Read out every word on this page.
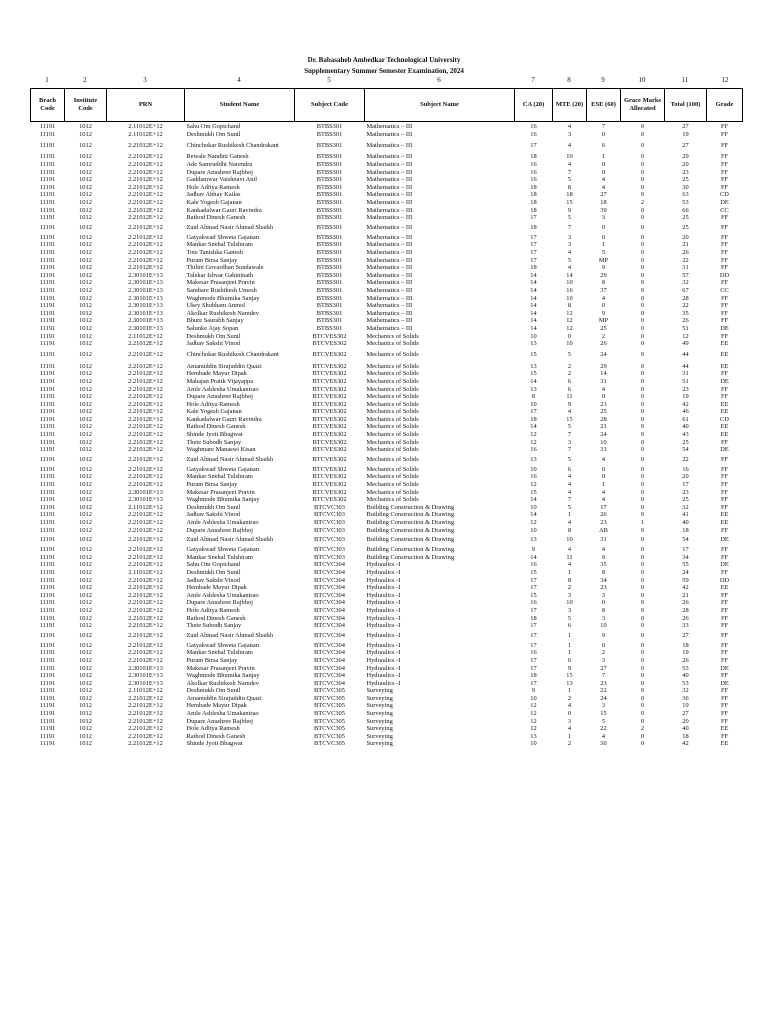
Dr. Babasaheb Ambedkar Technological University
Supplementary Summer Semester Examination, 2024
1	2	3	4	5	6	7	8	9	10	11	12
Brach Code	Institute Code	PRN	Student Name	Subject Code	Subject Name	CA (20)	MTE (20)	ESE (60)	Grace Marks Allocated	Total (100)	Grade
11191	1012	2.11012E+12	Sahu Om Gopichand	BTBS301	Mathematics – III	16	4	7	0	27	FF
11191	1012	2.11012E+12	Deshmukh Om Sunil	BTBS301	Mathematics – III	16	3	0	0	19	FF
11191	1012	2.21012E+12	Chinchokar Rushikesh Chandrakant	BTBS301	Mathematics – III	17	4	6	0	27	FF
11191	1012	2.21012E+12	Rewale Nandini Ganesh	BTBS301	Mathematics – III	18	10	1	0	29	FF
11191	1012	2.21012E+12	Ade Samruddhi Narendra	BTBS301	Mathematics – III	16	4	0	0	20	FF
11191	1012	2.21012E+12	Dupare Anushree Rajbhoj	BTBS301	Mathematics – III	16	7	0	0	23	FF
11191	1012	2.21012E+12	Gaddamwar Vaishnavi Anil	BTBS301	Mathematics – III	16	5	4	0	25	FF
11191	1012	2.21012E+12	Hole Aditya Ramesh	BTBS301	Mathematics – III	18	8	4	0	30	FF
11191	1012	2.21012E+12	Jadhav Abhay Kailas	BTBS301	Mathematics – III	18	18	27	0	63	CD
11191	1012	2.21012E+12	Kale Yogesh Gajanan	BTBS301	Mathematics – III	18	15	18	2	53	DE
11191	1012	2.21012E+12	Kankadalwar Gauri Ravindra	BTBS301	Mathematics – III	18	9	39	0	66	CC
11191	1012	2.21012E+12	Rathod Dinesh Ganesh	BTBS301	Mathematics – III	17	5	3	0	25	FF
11191	1012	2.21012E+12	Zaid Ahmad Nasir Ahmad Shaikh	BTBS301	Mathematics – III	18	7	0	0	25	FF
11191	1012	2.21012E+12	Gaiyakwad Shweta Gajanan	BTBS301	Mathematics – III	17	3	0	0	20	FF
11191	1012	2.21012E+12	Mankar Snehal Tulshiram	BTBS301	Mathematics – III	17	3	1	0	21	FF
11191	1012	2.21012E+12	Tote Tanishka Ganesh	BTBS301	Mathematics – III	17	4	5	0	26	FF
11191	1012	2.21012E+12	Puram Birsa Sanjay	BTBS301	Mathematics – III	17	5	MP	0	22	FF
11191	1012	2.21012E+12	Thilini Govardhan Sondawale	BTBS301	Mathematics – III	18	4	9	0	31	FF
11191	1012	2.30101E+13	Talekar Ishvar Gahininath	BTBS301	Mathematics – III	14	14	29	0	57	DD
11191	1012	2.30101E+13	Makesar Prasanjeet Pravin	BTBS301	Mathematics – III	14	10	8	0	32	FF
11191	1012	2.30101E+13	Sambare Rushikesh Umesh	BTBS301	Mathematics – III	14	16	37	0	67	CC
11191	1012	2.30101E+13	Waghmode Bhumika Sanjay	BTBS301	Mathematics – III	14	10	4	0	28	FF
11191	1012	2.30101E+13	Ukey Shubham Anmol	BTBS301	Mathematics – III	14	8	0	0	22	FF
11191	1012	2.30101E+13	Akolkar Rushikesh Namdev	BTBS301	Mathematics – III	14	12	9	0	35	FF
11191	1012	2.30101E+13	Bhure Saurabh Sanjay	BTBS301	Mathematics – III	14	12	MP	0	26	FF
11191	1012	2.30101E+13	Salunke Ajay Sopan	BTBS301	Mathematics – III	14	12	25	0	51	DE
11191	1012	2.11012E+12	Deshmukh Om Sunil	BTCVES302	Mechanics of Solids	10	0	2	0	12	FF
11191	1012	2.21012E+12	Jadhav Sakshi Vinod	BTCVES302	Mechanics of Solids	13	10	26	0	49	EE
11191	1012	2.21012E+12	Chinchokar Rushikesh Chandrakant	BTCVES302	Mechanics of Solids	15	5	24	0	44	EE
11191	1012	2.21012E+12	Amanuddin Sirajuddin Quazi	BTCVES302	Mechanics of Solids	13	2	29	0	44	EE
11191	1012	2.21012E+12	Hembade Mayur Dipak	BTCVES302	Mechanics of Solids	15	2	14	0	31	FF
11191	1012	2.21012E+12	Mahajan Pratik Vijayappa	BTCVES302	Mechanics of Solids	14	6	31	0	51	DE
11191	1012	2.21012E+12	Amle Ashlesha Umakantrao	BTCVES302	Mechanics of Solids	13	6	4	0	23	FF
11191	1012	2.21012E+12	Dupare Anushree Rajbhoj	BTCVES302	Mechanics of Solids	8	11	0	0	19	FF
11191	1012	2.21012E+12	Hole Aditya Ramesh	BTCVES302	Mechanics of Solids	10	9	23	0	42	EE
11191	1012	2.21012E+12	Kale Yogesh Gajanan	BTCVES302	Mechanics of Solids	17	4	25	0	46	EE
11191	1012	2.21012E+12	Kankadalwar Gauri Ravindra	BTCVES302	Mechanics of Solids	18	15	28	0	61	CD
11191	1012	2.21012E+12	Rathod Dinesh Ganesh	BTCVES302	Mechanics of Solids	14	5	21	0	40	EE
11191	1012	2.21012E+12	Shinde Jyoti Bhagwat	BTCVES302	Mechanics of Solids	12	7	24	0	43	EE
11191	1012	2.21012E+12	Thete Subodh Sanjay	BTCVES302	Mechanics of Solids	12	3	10	0	25	FF
11191	1012	2.21012E+12	Waghmare Manaswi Kisan	BTCVES302	Mechanics of Solids	16	7	31	0	54	DE
11191	1012	2.21012E+12	Zaid Ahmad Nasir Ahmad Shaikh	BTCVES302	Mechanics of Solids	13	5	4	0	22	FF
11191	1012	2.21012E+12	Gaiyakwad Shweta Gajanan	BTCVES302	Mechanics of Solids	10	6	0	0	16	FF
11191	1012	2.21012E+12	Mankar Snehal Tulshiram	BTCVES302	Mechanics of Solids	16	4	0	0	20	FF
11191	1012	2.21012E+12	Puram Birsa Sanjay	BTCVES302	Mechanics of Solids	12	4	1	0	17	FF
11191	1012	2.30101E+13	Makesar Prasanjeet Pravin	BTCVES302	Mechanics of Solids	15	4	4	0	23	FF
11191	1012	2.30101E+13	Waghmode Bhumika Sanjay	BTCVES302	Mechanics of Solids	14	7	4	0	25	FF
11191	1012	2.11012E+12	Deshmukh Om Sunil	BTCVC303	Building Construction & Drawing	10	5	17	0	32	FF
11191	1012	2.21012E+12	Jadhav Sakshi Vinod	BTCVC303	Building Construction & Drawing	14	1	26	0	41	EE
11191	1012	2.21012E+12	Amle Ashlesha Umakantrao	BTCVC303	Building Construction & Drawing	12	4	23	1	40	EE
11191	1012	2.21012E+12	Dupare Anushree Rajbhoj	BTCVC303	Building Construction & Drawing	10	8	AB	0	18	FF
11191	1012	2.21012E+12	Zaid Ahmad Nasir Ahmad Shaikh	BTCVC303	Building Construction & Drawing	13	10	31	0	54	DE
11191	1012	2.21012E+12	Gaiyakwad Shweta Gajanan	BTCVC303	Building Construction & Drawing	9	4	4	0	17	FF
11191	1012	2.21012E+12	Mankar Snehal Tulshiram	BTCVC303	Building Construction & Drawing	14	11	9	0	34	FF
11191	1012	2.21012E+12	Sahu Om Gopichand	BTCVC304	Hydraulics -I	16	4	35	0	55	DE
11191	1012	2.11012E+12	Deshmukh Om Sunil	BTCVC304	Hydraulics -I	15	1	8	0	24	FF
11191	1012	2.21012E+12	Jadhav Sakshi Vinod	BTCVC304	Hydraulics -I	17	8	34	0	59	DD
11191	1012	2.21012E+12	Hembade Mayur Dipak	BTCVC304	Hydraulics -I	17	2	23	0	42	EE
11191	1012	2.21012E+12	Amle Ashlesha Umakantrao	BTCVC304	Hydraulics -I	15	3	3	0	21	FF
11191	1012	2.21012E+12	Dupare Anushree Rajbhoj	BTCVC304	Hydraulics -I	16	10	0	0	26	FF
11191	1012	2.21012E+12	Hole Aditya Ramesh	BTCVC304	Hydraulics -I	17	3	8	0	28	FF
11191	1012	2.21012E+12	Rathod Dinesh Ganesh	BTCVC304	Hydraulics -I	18	5	3	0	26	FF
11191	1012	2.21012E+12	Thete Subodh Sanjay	BTCVC304	Hydraulics -I	17	6	10	0	33	FF
11191	1012	2.21012E+12	Zaid Ahmad Nasir Ahmad Shaikh	BTCVC304	Hydraulics -I	17	1	9	0	27	FF
11191	1012	2.21012E+12	Gaiyakwad Shweta Gajanan	BTCVC304	Hydraulics -I	17	1	0	0	18	FF
11191	1012	2.21012E+12	Mankar Snehal Tulshiram	BTCVC304	Hydraulics -I	16	1	2	0	19	FF
11191	1012	2.21012E+12	Puram Birsa Sanjay	BTCVC304	Hydraulics -I	17	6	3	0	26	FF
11191	1012	2.30101E+13	Makesar Prasanjeet Pravin	BTCVC304	Hydraulics -I	17	9	27	0	53	DE
11191	1012	2.30101E+13	Waghmode Bhumika Sanjay	BTCVC304	Hydraulics -I	18	15	7	0	40	FF
11191	1012	2.30101E+13	Akolkar Rushikesh Namdev	BTCVC304	Hydraulics -I	17	13	23	0	53	DE
11191	1012	2.11012E+12	Deshmukh Om Sunil	BTCVC305	Surveying	9	1	22	0	32	FF
11191	1012	2.21012E+12	Amanuddin Sirajuddin Quazi	BTCVC305	Surveying	10	2	24	0	36	FF
11191	1012	2.21012E+12	Hembade Mayur Dipak	BTCVC305	Surveying	12	4	3	0	19	FF
11191	1012	2.21012E+12	Amle Ashlesha Umakantrao	BTCVC305	Surveying	12	0	15	0	27	FF
11191	1012	2.21012E+12	Dupare Anushree Rajbhoj	BTCVC305	Surveying	12	3	5	0	20	FF
11191	1012	2.21012E+12	Hole Aditya Ramesh	BTCVC305	Surveying	12	4	22	2	40	EE
11191	1012	2.21012E+12	Rathod Dinesh Ganesh	BTCVC305	Surveying	13	1	4	0	18	FF
11191	1012	2.21012E+12	Shinde Jyoti Bhagwat	BTCVC305	Surveying	10	2	30	0	42	EE
